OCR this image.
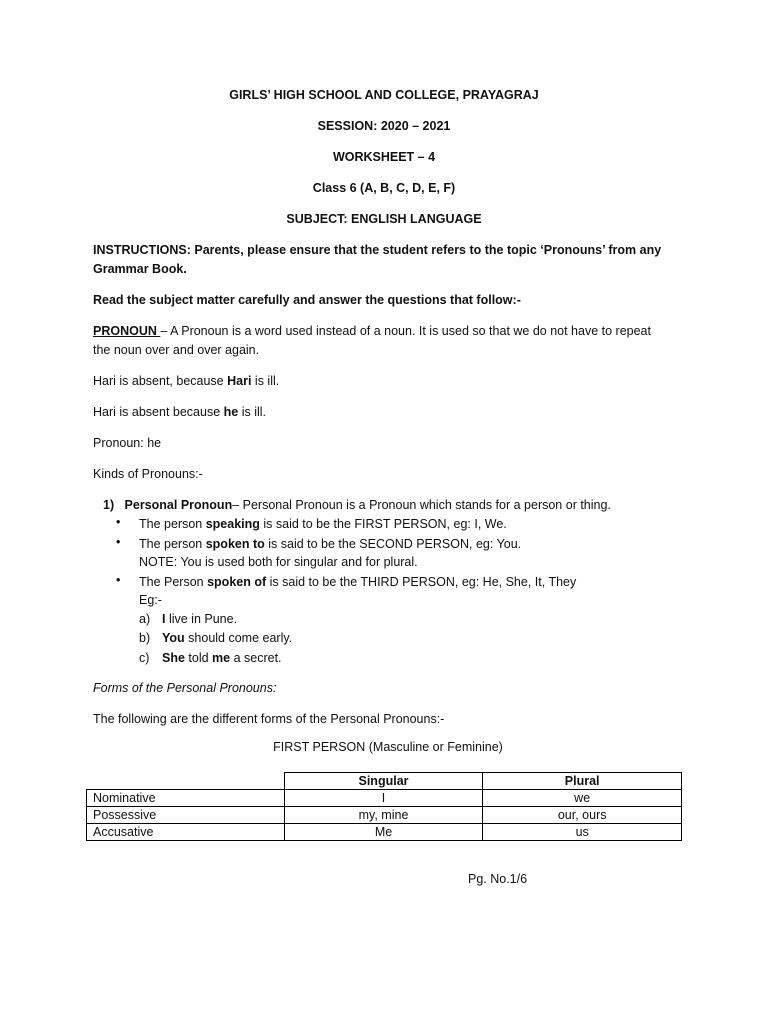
GIRLS’ HIGH SCHOOL AND COLLEGE, PRAYAGRAJ
SESSION: 2020 – 2021
WORKSHEET – 4
Class 6 (A, B, C, D, E, F)
SUBJECT: ENGLISH LANGUAGE
INSTRUCTIONS: Parents, please ensure that the student refers to the topic ‘Pronouns’ from any
Grammar Book.
Read the subject matter carefully and answer the questions that follow:-
PRONOUN – A Pronoun is a word used instead of a noun. It is used so that we do not have to repeat
the noun over and over again.
Hari is absent, because Hari is ill.
Hari is absent because he is ill.
Pronoun: he
Kinds of Pronouns:-
1) Personal Pronoun– Personal Pronoun is a Pronoun which stands for a person or thing.
•	The person speaking is said to be the FIRST PERSON, eg: I, We.
•	The person spoken to is said to be the SECOND PERSON, eg: You.
NOTE: You is used both for singular and for plural.
•	The Person spoken of is said to be the THIRD PERSON, eg: He, She, It, They
Eg:-
a) I live in Pune.
b) You should come early.
c)	She told me a secret.
Forms of the Personal Pronouns:
The following are the different forms of the Personal Pronouns:-
FIRST PERSON (Masculine or Feminine)
	Singular	Plural
Nominative	I	we
Possessive	my, mine	our, ours
Accusative	Me	us
Pg. No.1/6
